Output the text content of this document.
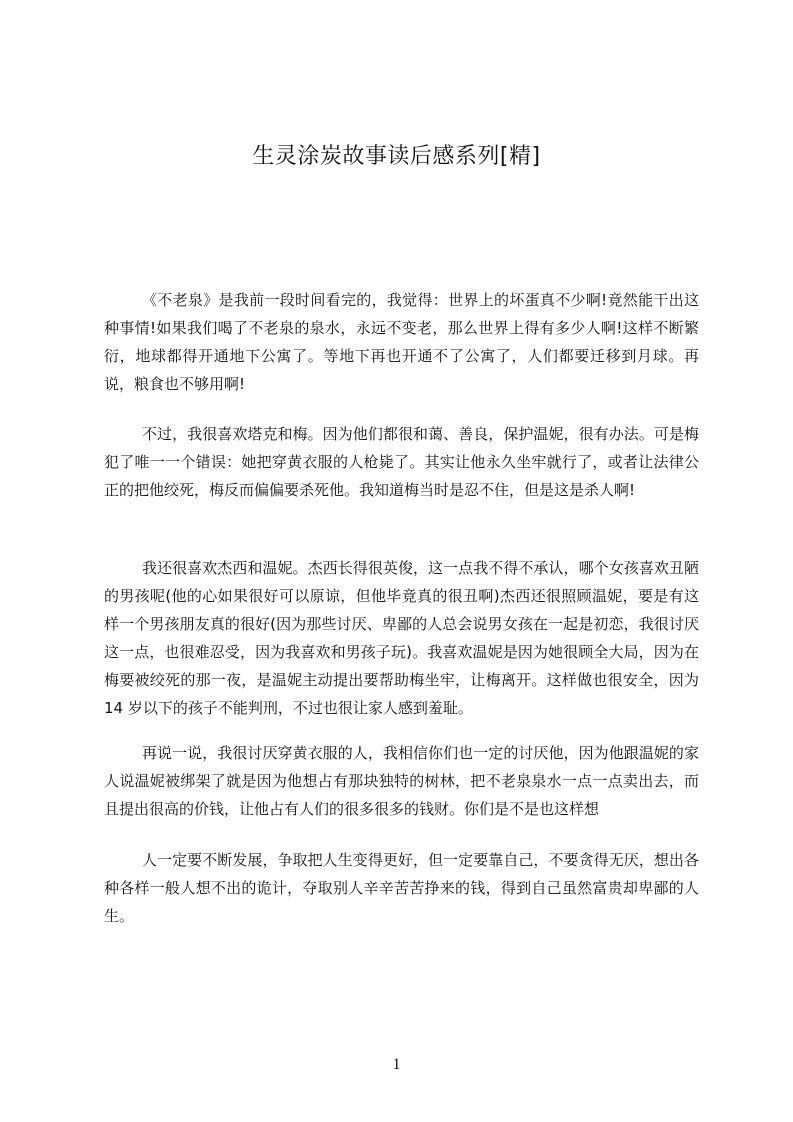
生灵涂炭故事读后感系列[精]

《不老泉》是我前一段时间看完的，我觉得：世界上的坏蛋真不少啊!竟然能干出这种事情!如果我们喝了不老泉的泉水，永远不变老，那么世界上得有多少人啊!这样不断繁衍，地球都得开通地下公寓了。等地下再也开通不了公寓了，人们都要迁移到月球。再说，粮食也不够用啊!

不过，我很喜欢塔克和梅。因为他们都很和蔼、善良，保护温妮，很有办法。可是梅犯了唯一一个错误：她把穿黄衣服的人枪毙了。其实让他永久坐牢就行了，或者让法律公正的把他绞死，梅反而偏偏要杀死他。我知道梅当时是忍不住，但是这是杀人啊!

我还很喜欢杰西和温妮。杰西长得很英俊，这一点我不得不承认，哪个女孩喜欢丑陋的男孩呢(他的心如果很好可以原谅，但他毕竟真的很丑啊)杰西还很照顾温妮，要是有这样一个男孩朋友真的很好(因为那些讨厌、卑鄙的人总会说男女孩在一起是初恋，我很讨厌这一点，也很难忍受，因为我喜欢和男孩子玩)。我喜欢温妮是因为她很顾全大局，因为在梅要被绞死的那一夜，是温妮主动提出要帮助梅坐牢，让梅离开。这样做也很安全，因为 14 岁以下的孩子不能判刑，不过也很让家人感到羞耻。

再说一说，我很讨厌穿黄衣服的人，我相信你们也一定的讨厌他，因为他跟温妮的家人说温妮被绑架了就是因为他想占有那块独特的树林，把不老泉泉水一点一点卖出去，而且提出很高的价钱，让他占有人们的很多很多的钱财。你们是不是也这样想

人一定要不断发展，争取把人生变得更好，但一定要靠自己，不要贪得无厌，想出各种各样一般人想不出的诡计，夺取别人辛辛苦苦挣来的钱，得到自己虽然富贵却卑鄙的人生。

1
